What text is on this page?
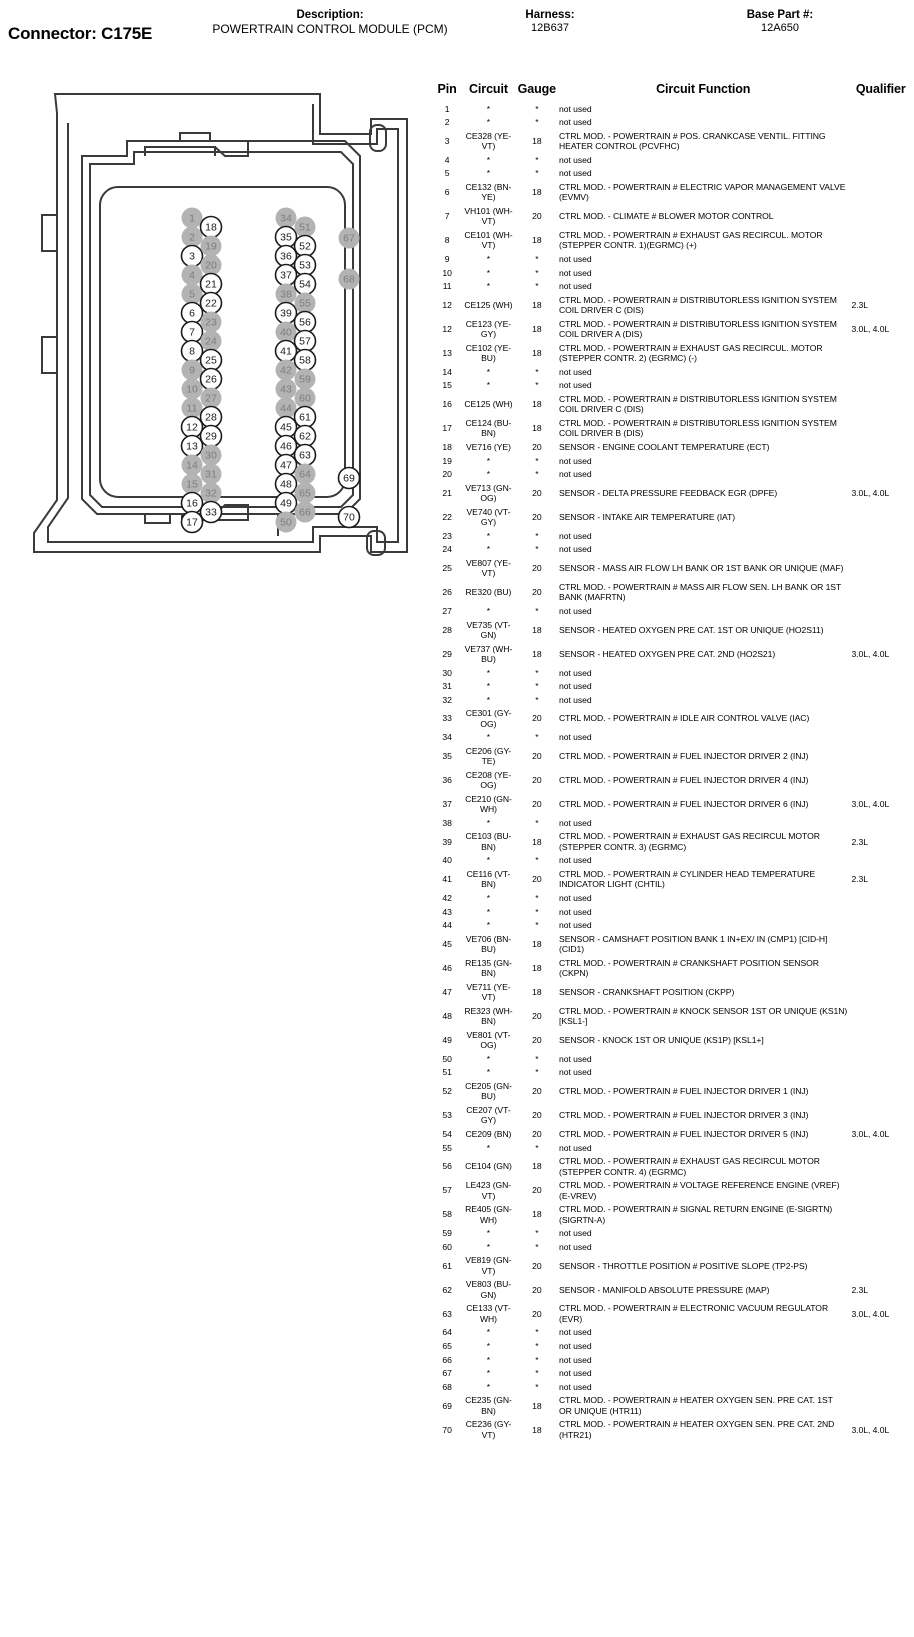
Connector: C175E
Description:
POWERTRAIN CONTROL MODULE (PCM)
Harness:
12B637
Base Part #:
12A650
1
2
3
4
5
6
7
8
9
10
11
12
13
14
15
16
17
18
19
20
21
22
23
24
25
26
27
28
29
30
31
32
33
34
35
36
37
38
39
40
41
42
43
44
45
46
47
48
49
50
51
52
53
54
55
56
57
58
59
60
61
62
63
64
65
66
67
68
69
70
Pin	Circuit	Gauge	Circuit Function	Qualifier
1	*	*	not used	
2	*	*	not used	
3	CE328 (YE-VT)	18	CTRL MOD. - POWERTRAIN # POS. CRANKCASE VENTIL. FITTING HEATER CONTROL (PCVFHC)	
4	*	*	not used	
5	*	*	not used	
6	CE132 (BN-YE)	18	CTRL MOD. - POWERTRAIN # ELECTRIC VAPOR MANAGEMENT VALVE (EVMV)	
7	VH101 (WH-VT)	20	CTRL MOD. - CLIMATE # BLOWER MOTOR CONTROL	
8	CE101 (WH-VT)	18	CTRL MOD. - POWERTRAIN # EXHAUST GAS RECIRCUL. MOTOR (STEPPER CONTR. 1)(EGRMC) (+)	
9	*	*	not used	
10	*	*	not used	
11	*	*	not used	
12	CE125 (WH)	18	CTRL MOD. - POWERTRAIN # DISTRIBUTORLESS IGNITION SYSTEM COIL DRIVER C (DIS)	2.3L
12	CE123 (YE-GY)	18	CTRL MOD. - POWERTRAIN # DISTRIBUTORLESS IGNITION SYSTEM COIL DRIVER A (DIS)	3.0L, 4.0L
13	CE102 (YE-BU)	18	CTRL MOD. - POWERTRAIN # EXHAUST GAS RECIRCUL. MOTOR (STEPPER CONTR. 2) (EGRMC) (-)	
14	*	*	not used	
15	*	*	not used	
16	CE125 (WH)	18	CTRL MOD. - POWERTRAIN # DISTRIBUTORLESS IGNITION SYSTEM COIL DRIVER C (DIS)	
17	CE124 (BU-BN)	18	CTRL MOD. - POWERTRAIN # DISTRIBUTORLESS IGNITION SYSTEM COIL DRIVER B (DIS)	
18	VE716 (YE)	20	SENSOR - ENGINE COOLANT TEMPERATURE (ECT)	
19	*	*	not used	
20	*	*	not used	
21	VE713 (GN-OG)	20	SENSOR - DELTA PRESSURE FEEDBACK EGR (DPFE)	3.0L, 4.0L
22	VE740 (VT-GY)	20	SENSOR - INTAKE AIR TEMPERATURE (IAT)	
23	*	*	not used	
24	*	*	not used	
25	VE807 (YE-VT)	20	SENSOR - MASS AIR FLOW LH BANK OR 1ST BANK OR UNIQUE (MAF)	
26	RE320 (BU)	20	CTRL MOD. - POWERTRAIN # MASS AIR FLOW SEN. LH BANK OR 1ST BANK (MAFRTN)	
27	*	*	not used	
28	VE735 (VT-GN)	18	SENSOR - HEATED OXYGEN PRE CAT. 1ST OR UNIQUE (HO2S11)	
29	VE737 (WH-BU)	18	SENSOR - HEATED OXYGEN PRE CAT. 2ND (HO2S21)	3.0L, 4.0L
30	*	*	not used	
31	*	*	not used	
32	*	*	not used	
33	CE301 (GY-OG)	20	CTRL MOD. - POWERTRAIN # IDLE AIR CONTROL VALVE (IAC)	
34	*	*	not used	
35	CE206 (GY-TE)	20	CTRL MOD. - POWERTRAIN # FUEL INJECTOR DRIVER 2 (INJ)	
36	CE208 (YE-OG)	20	CTRL MOD. - POWERTRAIN # FUEL INJECTOR DRIVER 4 (INJ)	
37	CE210 (GN-WH)	20	CTRL MOD. - POWERTRAIN # FUEL INJECTOR DRIVER 6 (INJ)	3.0L, 4.0L
38	*	*	not used	
39	CE103 (BU-BN)	18	CTRL MOD. - POWERTRAIN # EXHAUST GAS RECIRCUL MOTOR (STEPPER CONTR. 3) (EGRMC)	2.3L
40	*	*	not used	
41	CE116 (VT-BN)	20	CTRL MOD. - POWERTRAIN # CYLINDER HEAD TEMPERATURE INDICATOR LIGHT (CHTIL)	2.3L
42	*	*	not used	
43	*	*	not used	
44	*	*	not used	
45	VE706 (BN-BU)	18	SENSOR - CAMSHAFT POSITION BANK 1 IN+EX/ IN (CMP1) [CID-H] (CID1)	
46	RE135 (GN-BN)	18	CTRL MOD. - POWERTRAIN # CRANKSHAFT POSITION SENSOR (CKPN)	
47	VE711 (YE-VT)	18	SENSOR - CRANKSHAFT POSITION (CKPP)	
48	RE323 (WH-BN)	20	CTRL MOD. - POWERTRAIN # KNOCK SENSOR 1ST OR UNIQUE (KS1N) [KSL1-]	
49	VE801 (VT-OG)	20	SENSOR - KNOCK 1ST OR UNIQUE (KS1P) [KSL1+]	
50	*	*	not used	
51	*	*	not used	
52	CE205 (GN-BU)	20	CTRL MOD. - POWERTRAIN # FUEL INJECTOR DRIVER 1 (INJ)	
53	CE207 (VT-GY)	20	CTRL MOD. - POWERTRAIN # FUEL INJECTOR DRIVER 3 (INJ)	
54	CE209 (BN)	20	CTRL MOD. - POWERTRAIN # FUEL INJECTOR DRIVER 5 (INJ)	3.0L, 4.0L
55	*	*	not used	
56	CE104 (GN)	18	CTRL MOD. - POWERTRAIN # EXHAUST GAS RECIRCUL MOTOR (STEPPER CONTR. 4) (EGRMC)	
57	LE423 (GN-VT)	20	CTRL MOD. - POWERTRAIN # VOLTAGE REFERENCE ENGINE (VREF) (E-VREV)	
58	RE405 (GN-WH)	18	CTRL MOD. - POWERTRAIN # SIGNAL RETURN ENGINE (E-SIGRTN) (SIGRTN-A)	
59	*	*	not used	
60	*	*	not used	
61	VE819 (GN-VT)	20	SENSOR - THROTTLE POSITION # POSITIVE SLOPE (TP2-PS)	
62	VE803 (BU-GN)	20	SENSOR - MANIFOLD ABSOLUTE PRESSURE (MAP)	2.3L
63	CE133 (VT-WH)	20	CTRL MOD. - POWERTRAIN # ELECTRONIC VACUUM REGULATOR (EVR)	3.0L, 4.0L
64	*	*	not used	
65	*	*	not used	
66	*	*	not used	
67	*	*	not used	
68	*	*	not used	
69	CE235 (GN-BN)	18	CTRL MOD. - POWERTRAIN # HEATER OXYGEN SEN. PRE CAT. 1ST OR UNIQUE (HTR11)	
70	CE236 (GY-VT)	18	CTRL MOD. - POWERTRAIN # HEATER OXYGEN SEN. PRE CAT. 2ND (HTR21)	3.0L, 4.0L
